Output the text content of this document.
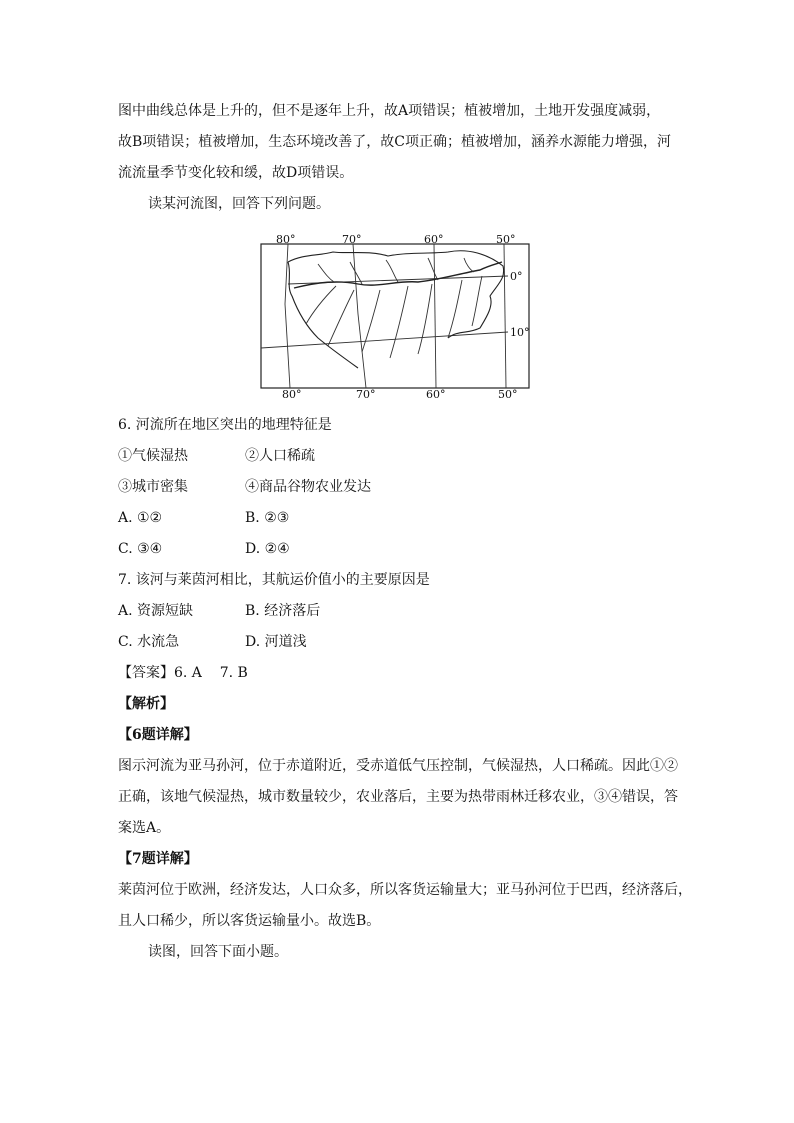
图中曲线总体是上升的，但不是逐年上升，故A项错误；植被增加，土地开发强度减弱，
故B项错误；植被增加，生态环境改善了，故C项正确；植被增加，涵养水源能力增强，河
流流量季节变化较和缓，故D项错误。
读某河流图，回答下列问题。
80°	70°	60°	50°
80°	70°	60°	50°
0°
10°
6. 河流所在地区突出的地理特征是
①气候湿热	②人口稀疏
③城市密集	④商品谷物农业发达
A. ①②	B. ②③
C. ③④	D. ②④
7. 该河与莱茵河相比，其航运价值小的主要原因是
A. 资源短缺	B. 经济落后
C. 水流急	D. 河道浅
【答案】6. A    7. B
【解析】
【6题详解】
图示河流为亚马孙河，位于赤道附近，受赤道低气压控制，气候湿热，人口稀疏。因此①②
正确，该地气候湿热，城市数量较少，农业落后，主要为热带雨林迁移农业，③④错误，答
案选A。
【7题详解】
莱茵河位于欧洲，经济发达，人口众多，所以客货运输量大；亚马孙河位于巴西，经济落后，
且人口稀少，所以客货运输量小。故选B。
读图，回答下面小题。
